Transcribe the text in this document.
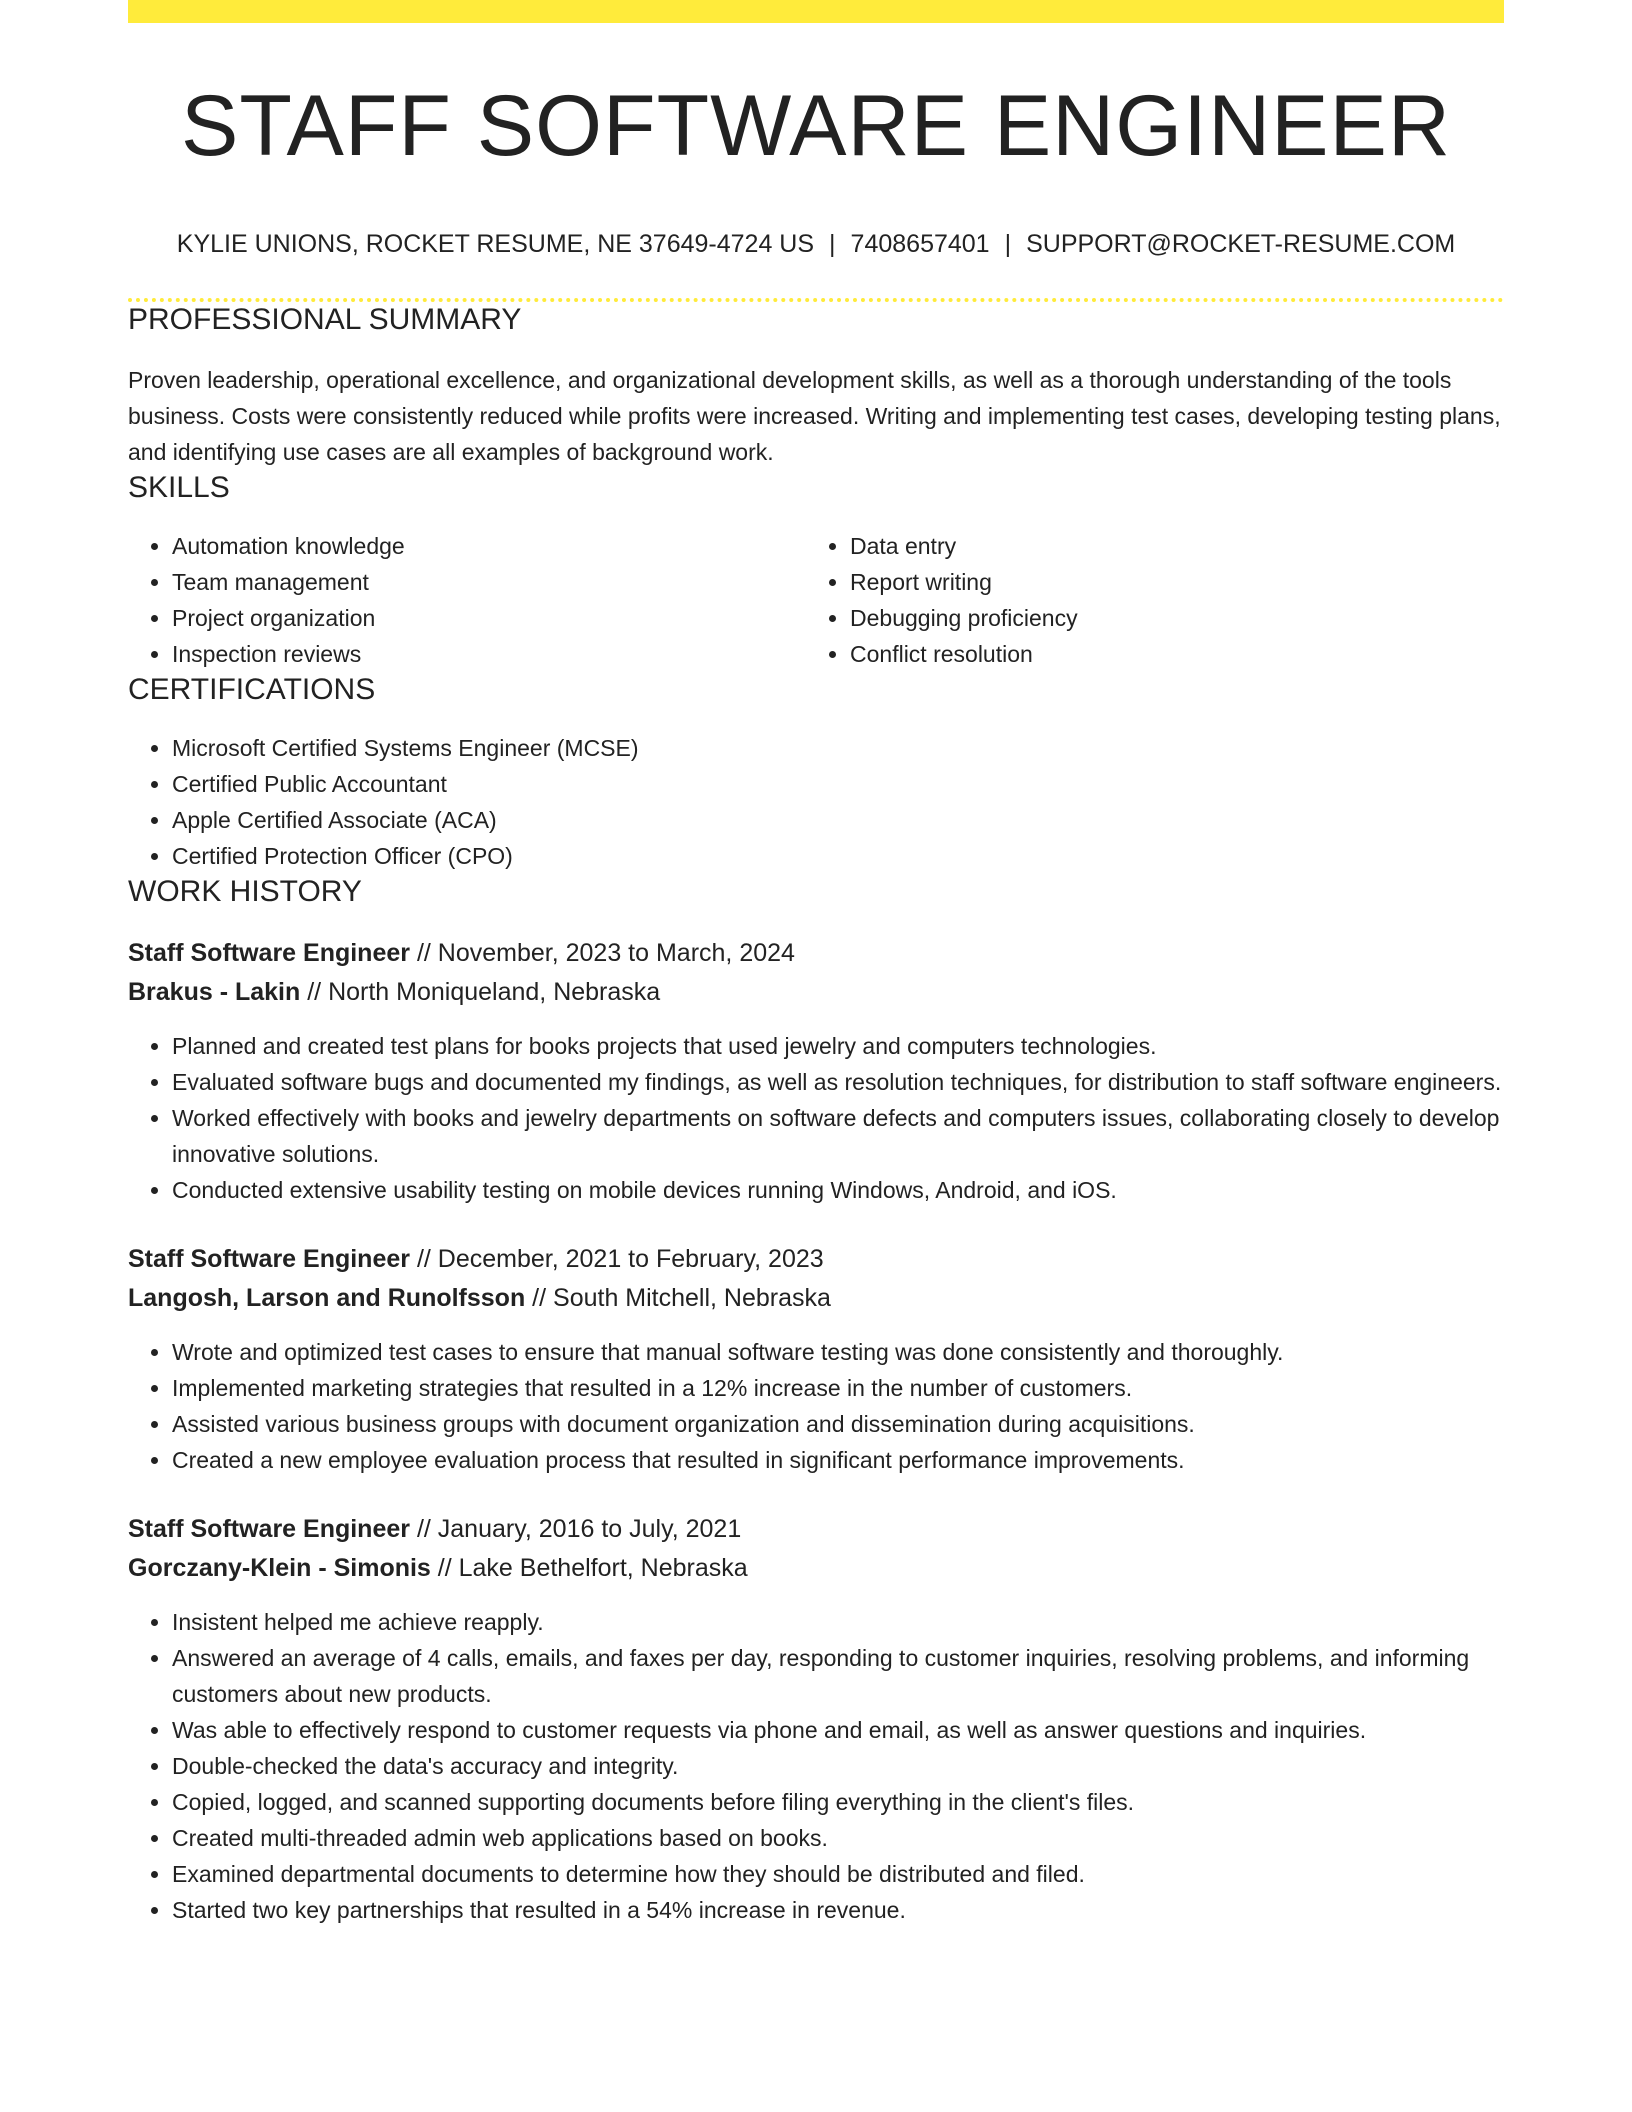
STAFF SOFTWARE ENGINEER
KYLIE UNIONS, ROCKET RESUME, NE 37649-4724 US | 7408657401 | SUPPORT@ROCKET-RESUME.COM
PROFESSIONAL SUMMARY

Proven leadership, operational excellence, and organizational development skills, as well as a thorough understanding of the tools business. Costs were consistently reduced while profits were increased. Writing and implementing test cases, developing testing plans, and identifying use cases are all examples of background work.

SKILLS
• Automation knowledge
• Team management
• Project organization
• Inspection reviews
• Data entry
• Report writing
• Debugging proficiency
• Conflict resolution
CERTIFICATIONS
• Microsoft Certified Systems Engineer (MCSE)
• Certified Public Accountant
• Apple Certified Associate (ACA)
• Certified Protection Officer (CPO)
WORK HISTORY
Staff Software Engineer // November, 2023 to March, 2024
Brakus - Lakin // North Moniqueland, Nebraska
• Planned and created test plans for books projects that used jewelry and computers technologies.
• Evaluated software bugs and documented my findings, as well as resolution techniques, for distribution to staff software engineers.
• Worked effectively with books and jewelry departments on software defects and computers issues, collaborating closely to develop innovative solutions.
• Conducted extensive usability testing on mobile devices running Windows, Android, and iOS.
Staff Software Engineer // December, 2021 to February, 2023
Langosh, Larson and Runolfsson // South Mitchell, Nebraska
• Wrote and optimized test cases to ensure that manual software testing was done consistently and thoroughly.
• Implemented marketing strategies that resulted in a 12% increase in the number of customers.
• Assisted various business groups with document organization and dissemination during acquisitions.
• Created a new employee evaluation process that resulted in significant performance improvements.
Staff Software Engineer // January, 2016 to July, 2021
Gorczany-Klein - Simonis // Lake Bethelfort, Nebraska
• Insistent helped me achieve reapply.
• Answered an average of 4 calls, emails, and faxes per day, responding to customer inquiries, resolving problems, and informing customers about new products.
• Was able to effectively respond to customer requests via phone and email, as well as answer questions and inquiries.
• Double-checked the data's accuracy and integrity.
• Copied, logged, and scanned supporting documents before filing everything in the client's files.
• Created multi-threaded admin web applications based on books.
• Examined departmental documents to determine how they should be distributed and filed.
• Started two key partnerships that resulted in a 54% increase in revenue.
